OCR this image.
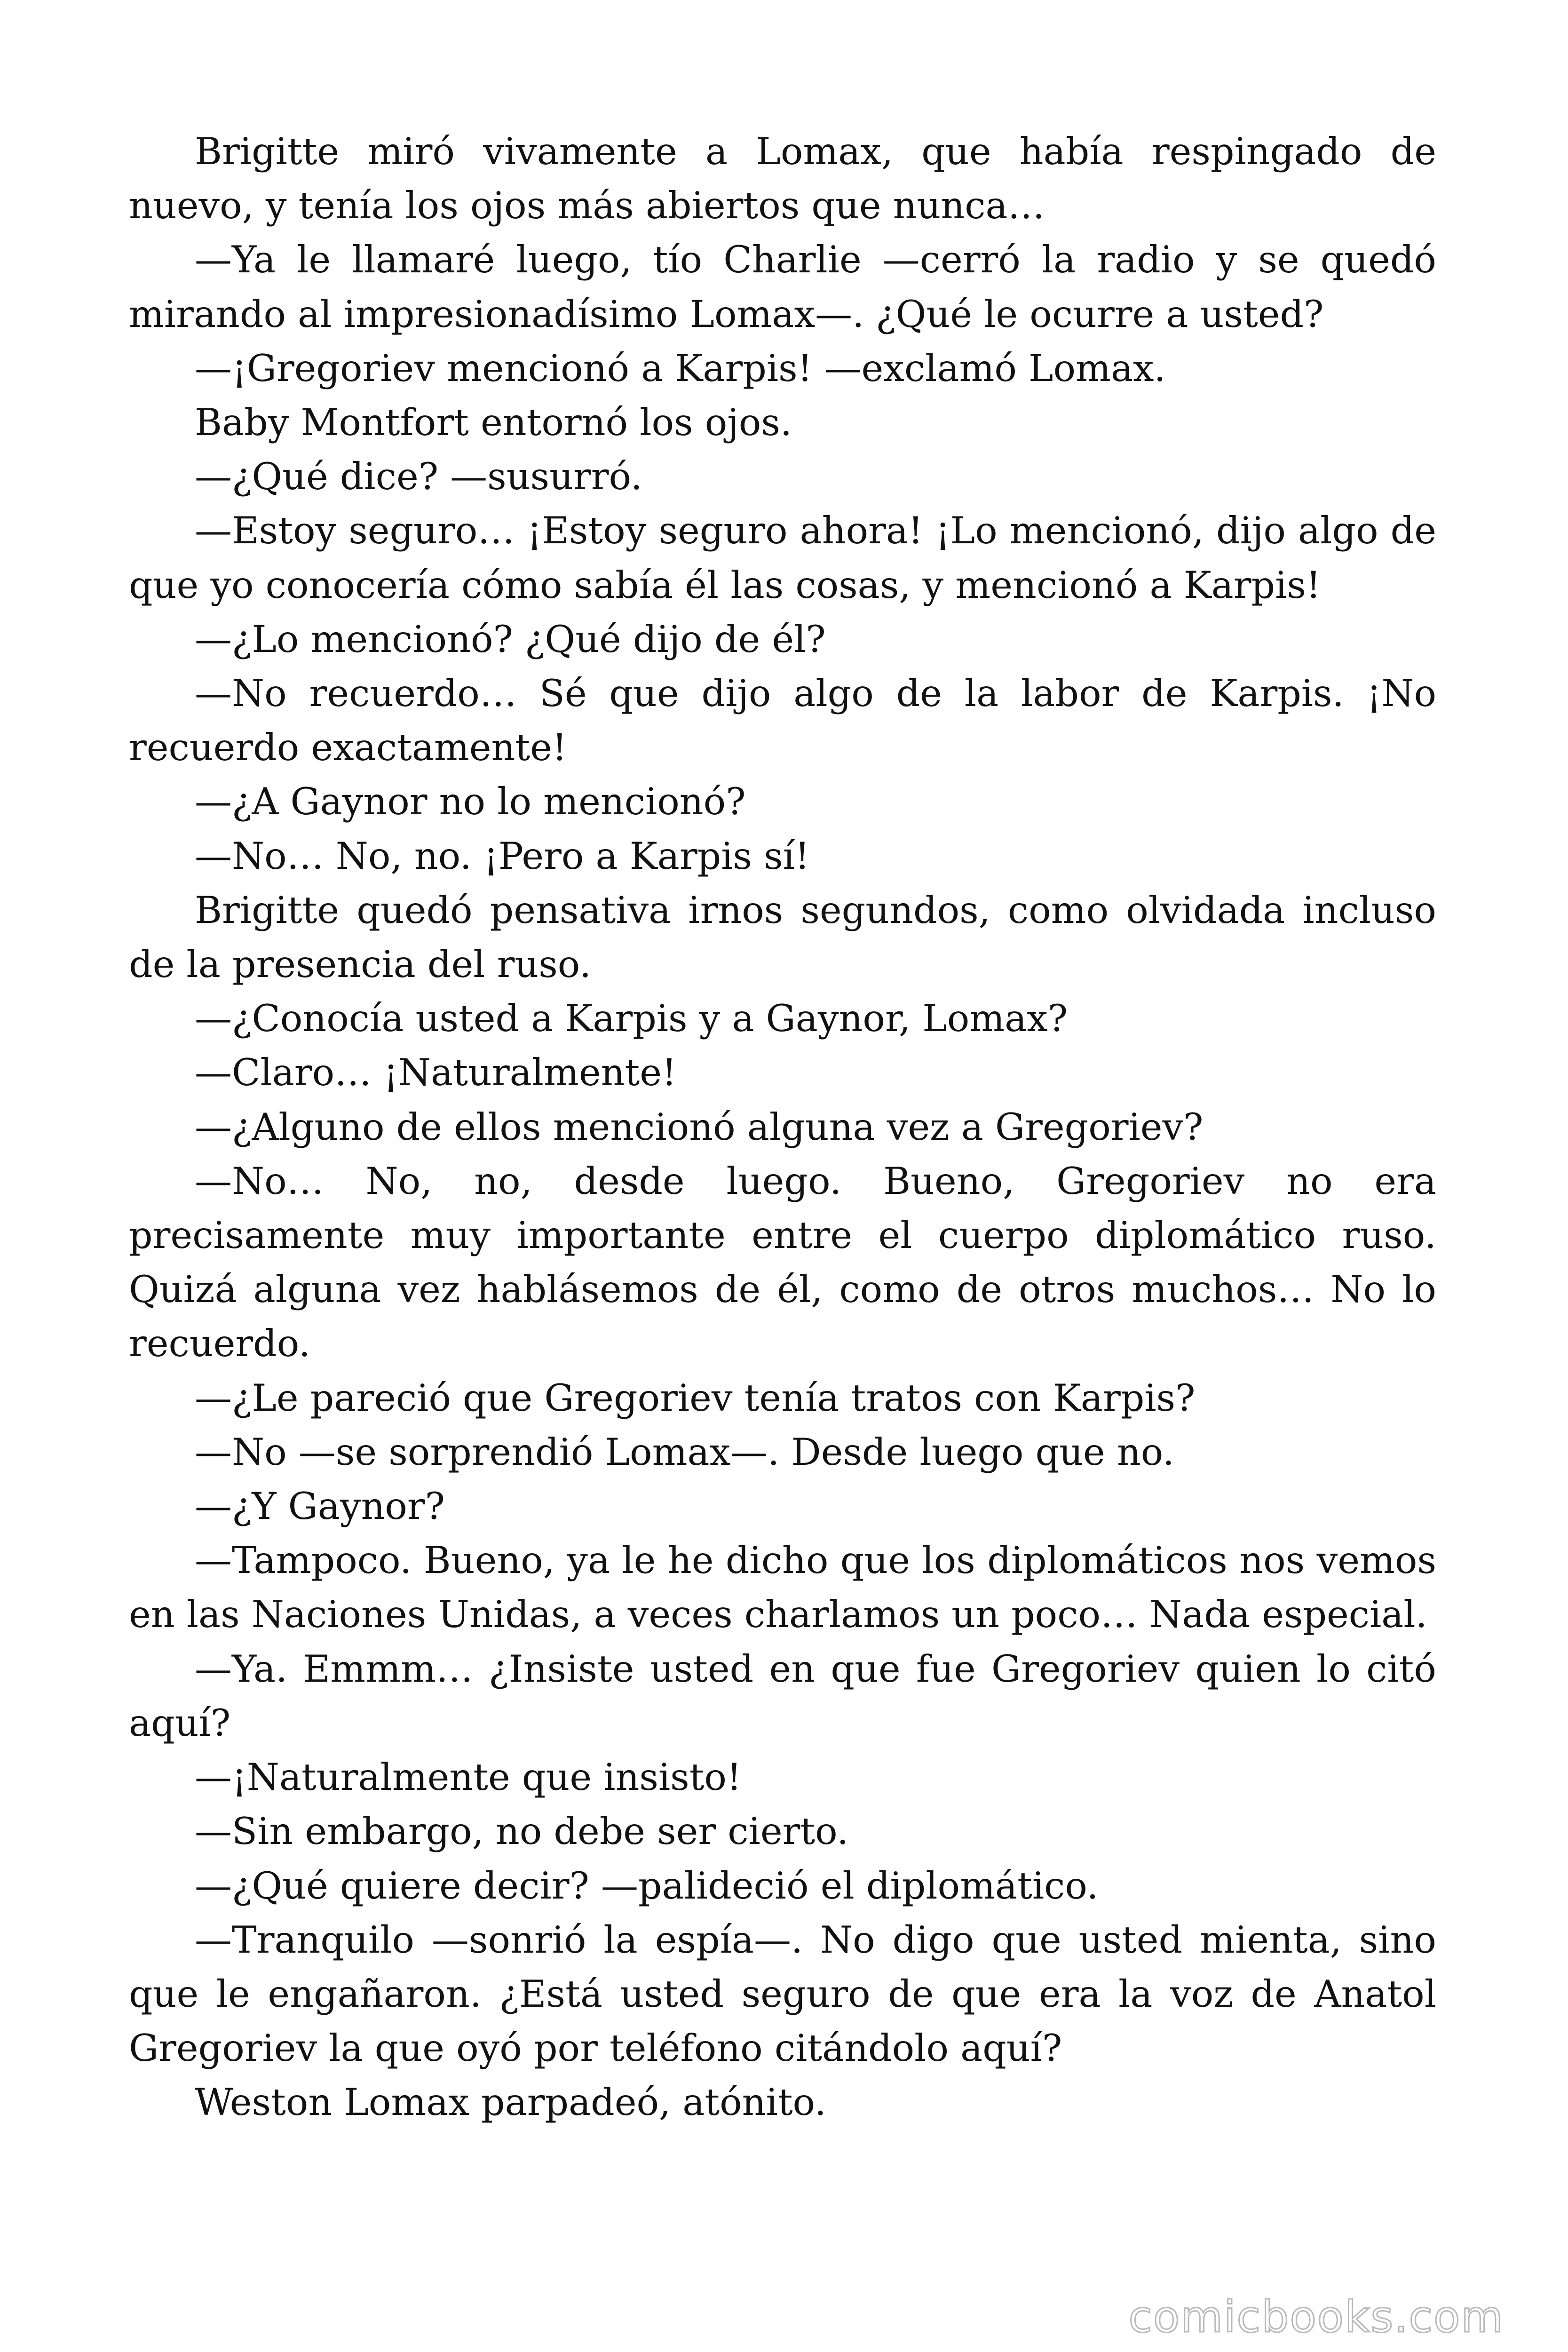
Brigitte miró vivamente a Lomax, que había respingado de nuevo, y tenía los ojos más abiertos que nunca…

—Ya le llamaré luego, tío Charlie —cerró la radio y se quedó mirando al impresionadísimo Lomax—. ¿Qué le ocurre a usted?

—¡Gregoriev mencionó a Karpis! —exclamó Lomax.

Baby Montfort entornó los ojos.

—¿Qué dice? —susurró.

—Estoy seguro… ¡Estoy seguro ahora! ¡Lo mencionó, dijo algo de que yo conocería cómo sabía él las cosas, y mencionó a Karpis!

—¿Lo mencionó? ¿Qué dijo de él?

—No recuerdo… Sé que dijo algo de la labor de Karpis. ¡No recuerdo exactamente!

—¿A Gaynor no lo mencionó?

—No… No, no. ¡Pero a Karpis sí!

Brigitte quedó pensativa irnos segundos, como olvidada incluso de la presencia del ruso.

—¿Conocía usted a Karpis y a Gaynor, Lomax?

—Claro… ¡Naturalmente!

—¿Alguno de ellos mencionó alguna vez a Gregoriev?

—No… No, no, desde luego. Bueno, Gregoriev no era precisamente muy importante entre el cuerpo diplomático ruso. Quizá alguna vez hablásemos de él, como de otros muchos… No lo recuerdo.

—¿Le pareció que Gregoriev tenía tratos con Karpis?

—No —se sorprendió Lomax—. Desde luego que no.

—¿Y Gaynor?

—Tampoco. Bueno, ya le he dicho que los diplomáticos nos vemos en las Naciones Unidas, a veces charlamos un poco… Nada especial.

—Ya. Emmm… ¿Insiste usted en que fue Gregoriev quien lo citó aquí?

—¡Naturalmente que insisto!

—Sin embargo, no debe ser cierto.

—¿Qué quiere decir? —palideció el diplomático.

—Tranquilo —sonrió la espía—. No digo que usted mienta, sino que le engañaron. ¿Está usted seguro de que era la voz de Anatol Gregoriev la que oyó por teléfono citándolo aquí?

Weston Lomax parpadeó, atónito.

comicbooks.com
